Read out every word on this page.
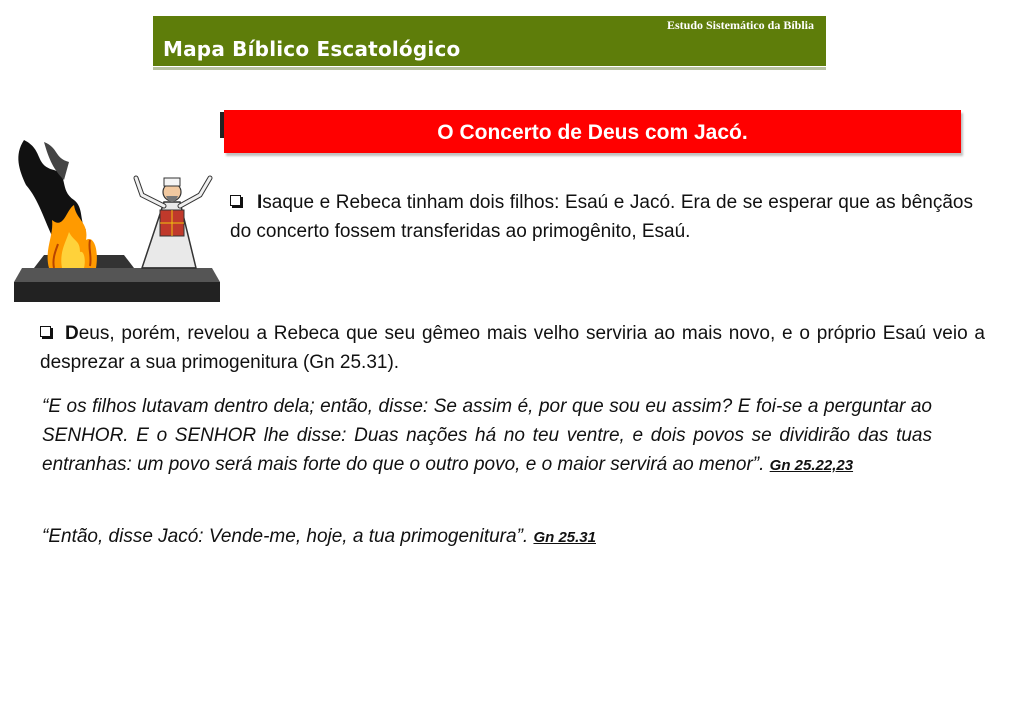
Estudo Sistemático da Bíblia
Mapa Bíblico Escatológico
O Concerto de Deus com Jacó.
Isaque e Rebeca tinham dois filhos: Esaú e Jacó. Era de se esperar que as bênçãos do concerto fossem transferidas ao primogênito, Esaú.
Deus, porém, revelou a Rebeca que seu gêmeo mais velho serviria ao mais novo, e o próprio Esaú veio a desprezar a sua primogenitura (Gn 25.31).
“E os filhos lutavam dentro dela; então, disse: Se assim é, por que sou eu assim? E foi-se a perguntar ao SENHOR. E o SENHOR lhe disse: Duas nações há no teu ventre, e dois povos se dividirão das tuas entranhas: um povo será mais forte do que o outro povo, e o maior servirá ao menor”. Gn 25.22,23
“Então, disse Jacó: Vende-me, hoje, a tua primogenitura”. Gn 25.31
